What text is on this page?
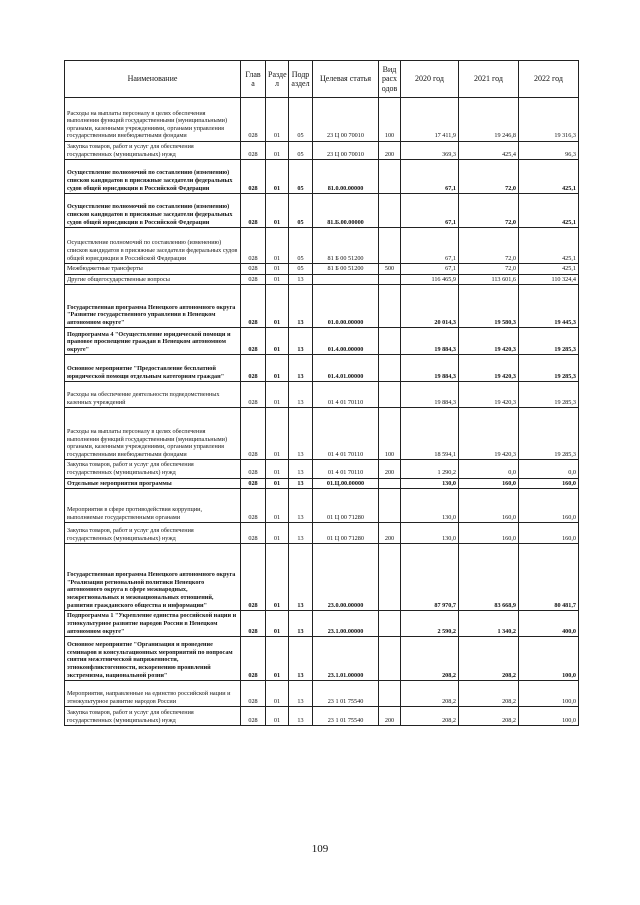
Наименование	Глав а	Разде л	Подр аздел	Целевая статья	Вид расх одов	2020 год	2021 год	2022 год
Расходы на выплаты персоналу в целях обеспечения выполнения функций государственными (муниципальными) органами, казенными учреждениями, органами управления государственными внебюджетными фондами	028	01	05	23 Ц 00 70010	100	17 411,9	19 246,8	19 316,3
Закупка товаров, работ и услуг для обеспечения государственных (муниципальных) нужд	028	01	05	23 Ц 00 70010	200	369,3	425,4	96,3
Осуществление полномочий по составлению (изменению) списков кандидатов в присяжные заседатели федеральных судов общей юрисдикции в Российской Федерации	028	01	05	81.0.00.00000		67,1	72,0	425,1
Осуществление полномочий по составлению (изменению) списков кандидатов в присяжные заседатели федеральных судов общей юрисдикции в Российской Федерации	028	01	05	81.Б.00.00000		67,1	72,0	425,1
Осуществление полномочий по составлению (изменению) списков кандидатов в присяжные заседатели федеральных судов общей юрисдикции в Российской Федерации	028	01	05	81 Б 00 51200		67,1	72,0	425,1
Межбюджетные трансферты	028	01	05	81 Б 00 51200	500	67,1	72,0	425,1
Другие общегосударственные вопросы	028	01	13			116 465,9	113 601,6	110 324,4
Государственная программа Ненецкого автономного округа "Развитие государственного управления в Ненецком автономном округе"	028	01	13	01.0.00.00000		20 014,3	19 580,3	19 445,3
Подпрограмма 4 "Осуществление юридической помощи и правовое просвещение граждан в Ненецком автономном округе"	028	01	13	01.4.00.00000		19 884,3	19 420,3	19 285,3
Основное мероприятие "Предоставление бесплатной юридической помощи отдельным категориям граждан"	028	01	13	01.4.01.00000		19 884,3	19 420,3	19 285,3
Расходы на обеспечение деятельности подведомственных казенных учреждений	028	01	13	01 4 01 70110		19 884,3	19 420,3	19 285,3
Расходы на выплаты персоналу в целях обеспечения выполнения функций государственными (муниципальными) органами, казенными учреждениями, органами управления государственными внебюджетными фондами	028	01	13	01 4 01 70110	100	18 594,1	19 420,3	19 285,3
Закупка товаров, работ и услуг для обеспечения государственных (муниципальных) нужд	028	01	13	01 4 01 70110	200	1 290,2	0,0	0,0
Отдельные мероприятия программы	028	01	13	01.Ц.00.00000		130,0	160,0	160,0
Мероприятия в сфере противодействия коррупции, выполняемые государственными органами	028	01	13	01 Ц 00 71280		130,0	160,0	160,0
Закупка товаров, работ и услуг для обеспечения государственных (муниципальных) нужд	028	01	13	01 Ц 00 71280	200	130,0	160,0	160,0
Государственная программа Ненецкого автономного округа "Реализация региональной политики Ненецкого автономного округа в сфере межнародных, межрегиональных и межнациональных отношений, развития гражданского общества и информации"	028	01	13	23.0.00.00000		87 970,7	83 668,9	80 481,7
Подпрограмма 1 "Укрепление единства российской нации и этнокультурное развитие народов России в Ненецком автономном округе"	028	01	13	23.1.00.00000		2 590,2	1 340,2	400,0
Основное мероприятие "Организация и проведение семинаров и консультационных мероприятий по вопросам снятия межэтнической напряженности, этноконфликтогенности, искоренению проявлений экстремизма, национальной розни"	028	01	13	23.1.01.00000		208,2	208,2	100,0
Мероприятия, направленные на единство российской нации и этнокультурное развитие народов России	028	01	13	23 1 01 75540		208,2	208,2	100,0
Закупка товаров, работ и услуг для обеспечения государственных (муниципальных) нужд	028	01	13	23 1 01 75540	200	208,2	208,2	100,0
109
